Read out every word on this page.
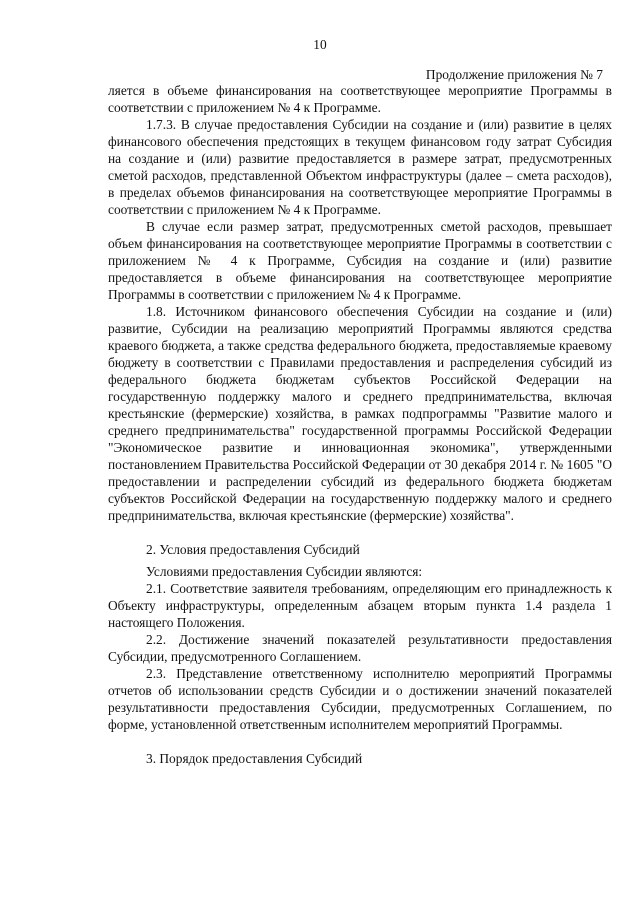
10
Продолжение приложения № 7

ляется в объеме финансирования на соответствующее мероприятие Программы в соответствии с приложением № 4 к Программе.

1.7.3. В случае предоставления Субсидии на создание и (или) развитие в целях финансового обеспечения предстоящих в текущем финансовом году затрат Субсидия на создание и (или) развитие предоставляется в размере затрат, предусмотренных сметой расходов, представленной Объектом инфраструктуры (далее – смета расходов), в пределах объемов финансирования на соответствующее мероприятие Программы в соответствии с приложением № 4 к Программе.

В случае если размер затрат, предусмотренных сметой расходов, превышает объем финансирования на соответствующее мероприятие Программы в соответствии с приложением № 4 к Программе, Субсидия на создание и (или) развитие предоставляется в объеме финансирования на соответствующее мероприятие Программы в соответствии с приложением № 4 к Программе.

1.8. Источником финансового обеспечения Субсидии на создание и (или) развитие, Субсидии на реализацию мероприятий Программы являются средства краевого бюджета, а также средства федерального бюджета, предоставляемые краевому бюджету в соответствии с Правилами предоставления и распределения субсидий из федерального бюджета бюджетам субъектов Российской Федерации на государственную поддержку малого и среднего предпринимательства, включая крестьянские (фермерские) хозяйства, в рамках подпрограммы "Развитие малого и среднего предпринимательства" государственной программы Российской Федерации "Экономическое развитие и инновационная экономика", утвержденными постановлением Правительства Российской Федерации от 30 декабря 2014 г. № 1605 "О предоставлении и распределении субсидий из федерального бюджета бюджетам субъектов Российской Федерации на государственную поддержку малого и среднего предпринимательства, включая крестьянские (фермерские) хозяйства".

2. Условия предоставления Субсидий

Условиями предоставления Субсидии являются:

2.1. Соответствие заявителя требованиям, определяющим его принадлежность к Объекту инфраструктуры, определенным абзацем вторым пункта 1.4 раздела 1 настоящего Положения.

2.2. Достижение значений показателей результативности предоставления Субсидии, предусмотренного Соглашением.

2.3. Представление ответственному исполнителю мероприятий Программы отчетов об использовании средств Субсидии и о достижении значений показателей результативности предоставления Субсидии, предусмотренных Соглашением, по форме, установленной ответственным исполнителем мероприятий Программы.

3. Порядок предоставления Субсидий
